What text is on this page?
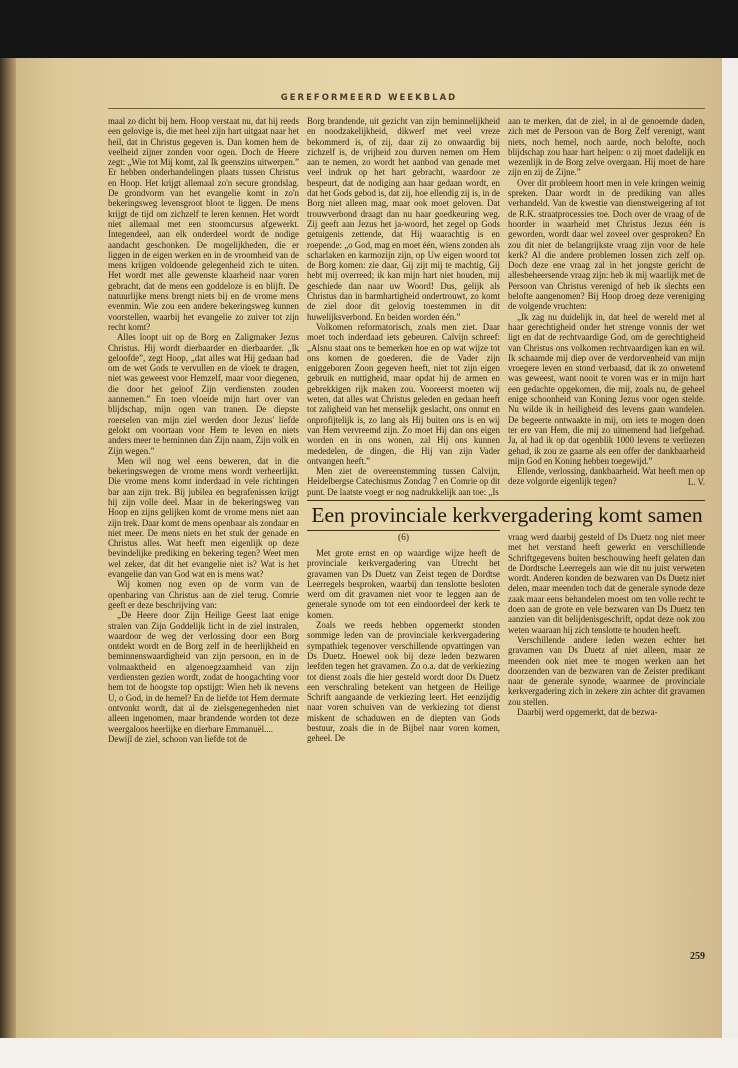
GEREFORMEERD WEEKBLAD

maal zo dicht bij hem. Hoop verstaat nu, dat hij reeds een gelovige is, die met heel zijn hart uitgaat naar het heil, dat in Christus gegeven is. Dan komen hem de veelheid zijner zonden voor ogen. Doch de Heere zegt: „Wie tot Mij komt, zal Ik geenszins uitwerpen.” Er hebben onderhandelingen plaats tussen Christus en Hoop. Het krijgt allemaal zo'n secure grondslag. De grondvorm van het evangelie komt in zo'n bekeringsweg levensgroot bloot te liggen. De mens krijgt de tijd om zichzelf te leren kennen. Het wordt niet allemaal met een stoomcursus afgewerkt. Integendeel, aan elk onderdeel wordt de nodige aandacht geschonken. De mogelijkheden, die er liggen in de eigen werken en in de vroomheid van de mens krijgen voldoende gelegenheid zich te uiten. Het wordt met alle gewenste klaarheid naar voren gebracht, dat de mens een goddeloze is en blijft. De natuurlijke mens brengt niets bij en de vrome mens evenmin. Wie zou een andere bekeringsweg kunnen voorstellen, waarbij het evangelie zo zuiver tot zijn recht komt?

Alles loopt uit op de Borg en Zaligmaker Jezus Christus. Hij wordt dierbaarder en dierbaarder. „Ik geloofde”, zegt Hoop, „dat alles wat Hij gedaan had om de wet Gods te vervullen en de vloek te dragen, niet was geweest voor Hemzelf, maar voor diegenen, die door het geloof Zijn verdiensten zouden aannemen.” En toen vloeide mijn hart over van blijdschap, mijn ogen van tranen. De diepste roerselen van mijn ziel werden door Jezus' liefde gelokt om voortaan voor Hem te leven en niets anders meer te beminnen dan Zijn naam, Zijn volk en Zijn wegen.”

Men wil nog wel eens beweren, dat in die bekeringswegen de vrome mens wordt verheerlijkt. Die vrome mens komt inderdaad in vele richtingen bar aan zijn trek. Bij jubilea en begrafenissen krijgt hij zijn volle deel. Maar in de bekeringsweg van Hoop en zijns gelijken komt de vrome mens niet aan zijn trek. Daar komt de mens openbaar als zondaar en niet meer. De mens niets en het stuk der genade en Christus alles. Wat heeft men eigenlijk op deze bevindelijke prediking en bekering tegen? Weet men wel zeker, dat dit het evangelie niet is? Wat is het evangelie dan van God wat en is mens wat?

Wij komen nog even op de vorm van de openbaring van Christus aan de ziel terug. Comrie geeft er deze beschrijving van:

„De Heere door Zijn Heilige Geest laat enige stralen van Zijn Goddelijk licht in de ziel instralen, waardoor de weg der verlossing door een Borg ontdekt wordt en de Borg zelf in de heerlijkheid en beminnenswaardigheid van zijn persoon, en in de volmaaktheid en algenoegzaamheid van zijn verdiensten gezien wordt, zodat de hoogachting voor hem tot de hoogste top opstijgt: Wien heb ik nevens U, o God, in de hemel? En de liefde tot Hem dermate ontvonkt wordt, dat al de zielsgenegenheden niet alleen ingenomen, maar brandende worden tot deze weergaloos heerlijke en dierbare Emmanuël....

Dewijl de ziel, schoon van liefde tot de

Borg brandende, uit gezicht van zijn beminnelijkheid en noodzakelijkheid, dikwerf met veel vreze bekommerd is, of zij, daar zij zo onwaardig bij zichzelf is, de vrijheid zou durven nemen om Hem aan te nemen, zo wordt het aanbod van genade met veel indruk op het hart gebracht, waardoor ze bespeurt, dat de nodiging aan haar gedaan wordt, en dat het Gods gebod is, dat zij, hoe ellendig zij is, in de Borg niet alleen mag, maar ook moet geloven. Dat trouwverbond draagt dan nu haar goedkeuring weg. Zij geeft aan Jezus het ja-woord, het zegel op Gods getuigenis zettende, dat Hij waarachtig is en roepende: „o God, mag en moet één, wiens zonden als scharlaken en karmozijn zijn, op Uw eigen woord tot de Borg komen: zie daar, Gij zijt mij te machtig, Gij hebt mij overreed; ik kan mijn hart niet houden, mij geschiede dan naar uw Woord! Dus, gelijk als Christus dan in barmhartigheid ondertrouwt, zo komt de ziel door dit gelovig toestemmen in dit huwelijksverbond. En beiden worden één.”

Volkomen reformatorisch, zoals men ziet. Daar moet toch inderdaad iets gebeuren. Calvijn schreef: „Alsnu staat ons te bemerken hoe en op wat wijze tot ons komen de goederen, die de Vader zijn eniggeboren Zoon gegeven heeft, niet tot zijn eigen gebruik en nuttigheid, maar opdat hij de armen en gebrekkigen rijk maken zou. Vooreerst moeten wij weten, dat alles wat Christus geleden en gedaan heeft tot zaligheid van het menselijk geslacht, ons onnut en onprofijtelijk is, zo lang als Hij buiten ons is en wij van Hem vervreemd zijn. Zo moet Hij dan ons eigen worden en in ons wonen, zal Hij ons kunnen mededelen, de dingen, die Hij van zijn Vader ontvangen heeft.”

Men ziet de overeenstemming tussen Calvijn, Heidelbergse Catechismus Zondag 7 en Comrie op dit punt. De laatste voegt er nog nadrukkelijk aan toe: „Is

aan te merken, dat de ziel, in al de genoemde daden, zich met de Persoon van de Borg Zelf verenigt, want niets, noch hemel, noch aarde, noch belofte, noch blijdschap zou haar hart helpen: o zij moet dadelijk en wezenlijk in de Borg zelve overgaan. Hij moet de hare zijn en zij de Zijne.”

Over dit probleem hoort men in vele kringen weinig spreken. Daar wordt in de prediking van alles verhandeld. Van de kwestie van dienstweigering af tot de R.K. straatprocessies toe. Doch over de vraag of de hoorder in waarheid met Christus Jezus één is geworden, wordt daar wel zoveel over gesproken? En zou dit niet de belangrijkste vraag zijn voor de hele kerk? Al die andere problemen lossen zich zelf op. Doch deze ene vraag zal in het jongste gericht de allesbeheersende vraag zijn: heb ik mij waarlijk met de Persoon van Christus verenigd of heb ik slechts een belofte aangenomen? Bij Hoop droeg deze vereniging de volgende vruchten:

„Ik zag nu duidelijk in, dat heel de wereld met al haar gerechtigheid onder het strenge vonnis der wet ligt en dat de rechtvaardige God, om de gerechtigheid van Christus ons volkomen rechtvaardigen kan en wil. Ik schaamde mij diep over de verdorvenheid van mijn vroegere leven en stond verbaasd, dat ik zo onwetend was geweest, want nooit te voren was er in mijn hart een gedachte opgekomen, die mij, zoals nu, de geheel enige schoonheid van Koning Jezus voor ogen stelde. Nu wilde ik in heiligheid des levens gaan wandelen. De begeerte ontwaakte in mij, om iets te mogen doen ter ere van Hem, die mij zo uitnemend had liefgehad. Ja, al had ik op dat ogenblik 1000 levens te verliezen gehad, ik zou ze gaarne als een offer der dankbaarheid mijn God en Koning hebben toegewijd.”

Ellende, verlossing, dankbaarheid. Wat heeft men op deze volgorde eigenlijk tegen?	L. V.
Een provinciale kerkvergadering komt samen
(6)

Met grote ernst en op waardige wijze heeft de provinciale kerkvergadering van Utrecht het gravamen van Ds Duetz van Zeist tegen de Dordtse Leerregels besproken, waarbij dan tenslotte besloten werd om dit gravamen niet voor te leggen aan de generale synode om tot een eindoordeel der kerk te komen.

Zoals we reeds hebben opgemerkt stonden sommige leden van de provinciale kerkvergadering sympathiek tegenover verschillende opvattingen van Ds Duetz. Hoewel ook bij deze leden bezwaren leefden tegen het gravamen. Zo o.a. dat de verkiezing tot dienst zoals die hier gesteld wordt door Ds Duetz een verschraling betekent van hetgeen de Heilige Schrift aangaande de verkiezing leert. Het eenzijdig naar voren schuiven van de verkiezing tot dienst miskent de schaduwen en de diepten van Gods bestuur, zoals die in de Bijbel naar voren komen, geheel. De

vraag werd daarbij gesteld of Ds Duetz nog niet meer met het verstand heeft gewerkt en verschillende Schriftgegevens buiten beschouwing heeft gelaten dan de Dordtsche Leerregels aan wie dit nu juist verweten wordt. Anderen konden de bezwaren van Ds Duetz niet delen, maar meenden toch dat de generale synode deze zaak maar eens behandelen moest om ten volle recht te doen aan de grote en vele bezwaren van Ds Duetz ten aanzien van dit belijdenisgeschrift, opdat deze ook zou weten waaraan hij zich tenslotte te houden heeft.

Verschillende andere leden wezen echter het gravamen van Ds Duetz af niet alleen, maar ze meenden ook niet mee te mogen werken aan het doorzenden van de bezwaren van de Zeister predikant naar de generale synode, waarmee de provinciale kerkvergadering zich in zekere zin achter dit gravamen zou stellen.

Daarbij werd opgemerkt, dat de bezwa-

259
